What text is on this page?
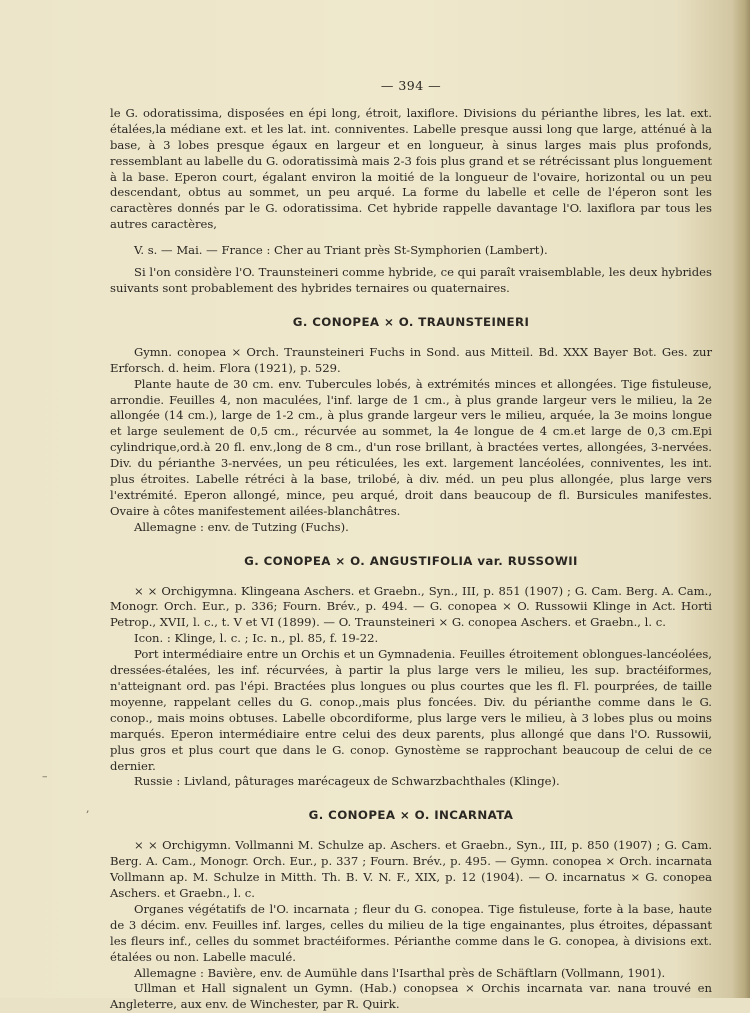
— 394 —

le G. odoratissima, disposées en épi long, étroit, laxiflore. Divisions du périanthe libres, les lat. ext. étalées,la médiane ext. et les lat. int. conniventes. Labelle presque aussi long que large, atténué à la base, à 3 lobes presque égaux en largeur et en longueur, à sinus larges mais plus profonds, ressemblant au labelle du G. odoratissimà mais 2-3 fois plus grand et se rétrécissant plus longuement à la base. Eperon court, égalant environ la moitié de la longueur de l'ovaire, horizontal ou un peu descendant, obtus au sommet, un peu arqué. La forme du labelle et celle de l'éperon sont les caractères donnés par le G. odoratissima. Cet hybride rappelle davantage l'O. laxiflora par tous les autres caractères,

V. s. — Mai. — France : Cher au Triant près St-Symphorien (Lambert).

Si l'on considère l'O. Traunsteineri comme hybride, ce qui paraît vraisemblable, les deux hybrides suivants sont probablement des hybrides ternaires ou quaternaires.

G. CONOPEA × O. TRAUNSTEINERI

Gymn. conopea × Orch. Traunsteineri Fuchs in Sond. aus Mitteil. Bd. XXX Bayer Bot. Ges. zur Erforsch. d. heim. Flora (1921), p. 529.

Plante haute de 30 cm. env. Tubercules lobés, à extrémités minces et allongées. Tige fistuleuse, arrondie. Feuilles 4, non maculées, l'inf. large de 1 cm., à plus grande largeur vers le milieu, la 2e allongée (14 cm.), large de 1-2 cm., à plus grande largeur vers le milieu, arquée, la 3e moins longue et large seulement de 0,5 cm., récurvée au sommet, la 4e longue de 4 cm.et large de 0,3 cm.Epi cylindrique,ord.à 20 fl. env.,long de 8 cm., d'un rose brillant, à bractées vertes, allongées, 3-nervées. Div. du périanthe 3-nervées, un peu réticulées, les ext. largement lancéolées, conniventes, les int. plus étroites. Labelle rétréci à la base, trilobé, à div. méd. un peu plus allongée, plus large vers l'extrémité. Eperon allongé, mince, peu arqué, droit dans beaucoup de fl. Bursicules manifestes. Ovaire à côtes manifestement ailées-blanchâtres.

Allemagne : env. de Tutzing (Fuchs).

G. CONOPEA × O. ANGUSTIFOLIA var. RUSSOWII

× × Orchigymna. Klingeana Aschers. et Graebn., Syn., III, p. 851 (1907) ; G. Cam. Berg. A. Cam., Monogr. Orch. Eur., p. 336; Fourn. Brév., p. 494. — G. conopea × O. Russowii Klinge in Act. Horti Petrop., XVII, l. c., t. V et VI (1899). — O. Traunsteineri × G. conopea Aschers. et Graebn., l. c.

Icon. : Klinge, l. c. ; Ic. n., pl. 85, f. 19-22.

Port intermédiaire entre un Orchis et un Gymnadenia. Feuilles étroitement oblongues-lancéolées, dressées-étalées, les inf. récurvées, à partir la plus large vers le milieu, les sup. bractéiformes, n'atteignant ord. pas l'épi. Bractées plus longues ou plus courtes que les fl. Fl. pourprées, de taille moyenne, rappelant celles du G. conop.,mais plus foncées. Div. du périanthe comme dans le G. conop., mais moins obtuses. Labelle obcordiforme, plus large vers le milieu, à 3 lobes plus ou moins marqués. Eperon intermédiaire entre celui des deux parents, plus allongé que dans l'O. Russowii, plus gros et plus court que dans le G. conop. Gynostème se rapprochant beaucoup de celui de ce dernier.

Russie : Livland, pâturages marécageux de Schwarzbachthales (Klinge).

G. CONOPEA × O. INCARNATA

× × Orchigymn. Vollmanni M. Schulze ap. Aschers. et Graebn., Syn., III, p. 850 (1907) ; G. Cam. Berg. A. Cam., Monogr. Orch. Eur., p. 337 ; Fourn. Brév., p. 495. — Gymn. conopea × Orch. incarnata Vollmann ap. M. Schulze in Mitth. Th. B. V. N. F., XIX, p. 12 (1904). — O. incarnatus × G. conopea Aschers. et Graebn., l. c.

Organes végétatifs de l'O. incarnata ; fleur du G. conopea. Tige fistuleuse, forte à la base, haute de 3 décim. env. Feuilles inf. larges, celles du milieu de la tige engainantes, plus étroites, dépassant les fleurs inf., celles du sommet bractéiformes. Périanthe comme dans le G. conopea, à divisions ext. étalées ou non. Labelle maculé.

Allemagne : Bavière, env. de Aumühle dans l'Isarthal près de Schäftlarn (Vollmann, 1901).

Ullman et Hall signalent un Gymn. (Hab.) conopsea × Orchis incarnata var. nana trouvé en Angleterre, aux env. de Winchester, par R. Quirk.

–
,
